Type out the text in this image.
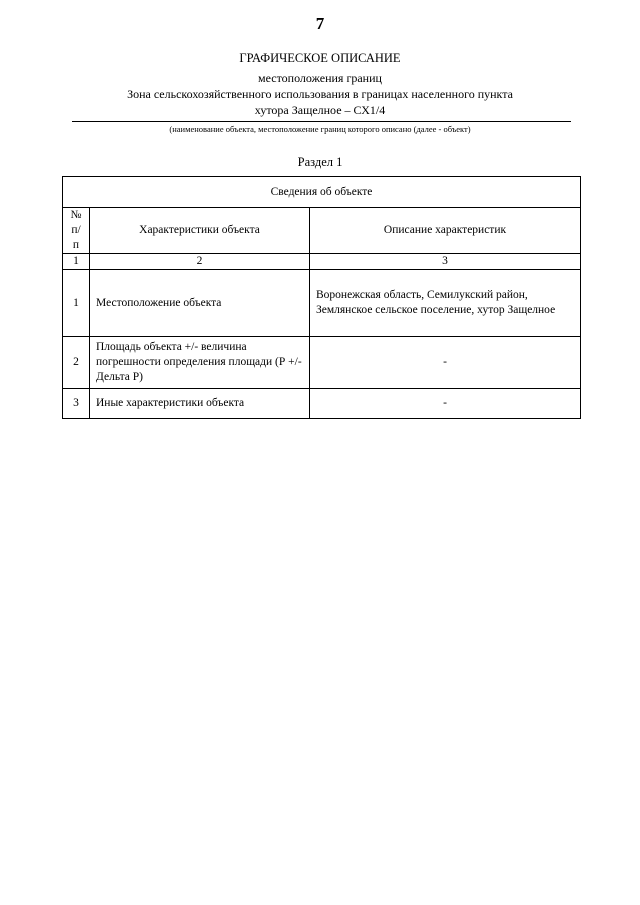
7
ГРАФИЧЕСКОЕ ОПИСАНИЕ
местоположения границ
Зона сельскохозяйственного использования в границах населенного пункта
хутора Защелное – СХ1/4
(наименование объекта, местоположение границ которого описано (далее - объект)
Раздел 1
Сведения об объекте		
№ п/п	Характеристики объекта	Описание характеристик
1	2	3
1	Местоположение объекта	Воронежская область, Семилукский район, Землянское сельское поселение, хутор Защелное
2	Площадь объекта +/- величина погрешности определения площади (Р +/- Дельта Р)	-
3	Иные характеристики объекта	-
